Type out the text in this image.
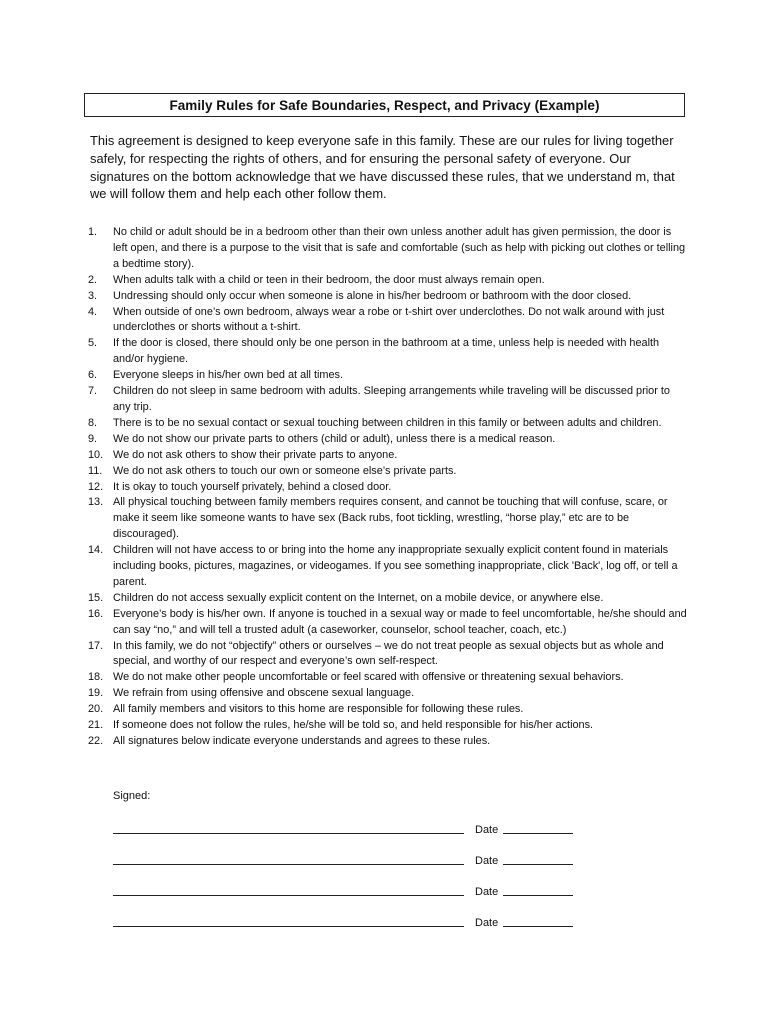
Family Rules for Safe Boundaries, Respect, and Privacy (Example)

This agreement is designed to keep everyone safe in this family. These are our rules for living together safely, for respecting the rights of others, and for ensuring the personal safety of everyone. Our signatures on the bottom acknowledge that we have discussed these rules, that we understand m, that we will follow them and help each other follow them.

1.	No child or adult should be in a bedroom other than their own unless another adult has given permission, the door is left open, and there is a purpose to the visit that is safe and comfortable (such as help with picking out clothes or telling a bedtime story).
2.	When adults talk with a child or teen in their bedroom, the door must always remain open.
3.	Undressing should only occur when someone is alone in his/her bedroom or bathroom with the door closed.
4.	When outside of one’s own bedroom, always wear a robe or t-shirt over underclothes. Do not walk around with just underclothes or shorts without a t-shirt.
5.	If the door is closed, there should only be one person in the bathroom at a time, unless help is needed with health and/or hygiene.
6.	Everyone sleeps in his/her own bed at all times.
7.	Children do not sleep in same bedroom with adults. Sleeping arrangements while traveling will be discussed prior to any trip.
8.	There is to be no sexual contact or sexual touching between children in this family or between adults and children.
9.	We do not show our private parts to others (child or adult), unless there is a medical reason.
10. We do not ask others to show their private parts to anyone.
11. We do not ask others to touch our own or someone else’s private parts.
12. It is okay to touch yourself privately, behind a closed door.
13. All physical touching between family members requires consent, and cannot be touching that will confuse, scare, or make it seem like someone wants to have sex (Back rubs, foot tickling, wrestling, “horse play,” etc are to be discouraged).
14. Children will not have access to or bring into the home any inappropriate sexually explicit content found in materials including books, pictures, magazines, or videogames. If you see something inappropriate, click 'Back', log off, or tell a parent.
15. Children do not access sexually explicit content on the Internet, on a mobile device, or anywhere else.
16. Everyone’s body is his/her own. If anyone is touched in a sexual way or made to feel uncomfortable, he/she should and can say “no,” and will tell a trusted adult (a caseworker, counselor, school teacher, coach, etc.)
17. In this family, we do not “objectify” others or ourselves – we do not treat people as sexual objects but as whole and special, and worthy of our respect and everyone’s own self-respect.
18. We do not make other people uncomfortable or feel scared with offensive or threatening sexual behaviors.
19. We refrain from using offensive and obscene sexual language.
20. All family members and visitors to this home are responsible for following these rules.
21. If someone does not follow the rules, he/she will be told so, and held responsible for his/her actions.
22. All signatures below indicate everyone understands and agrees to these rules.

Signed:

Date
Date
Date
Date
